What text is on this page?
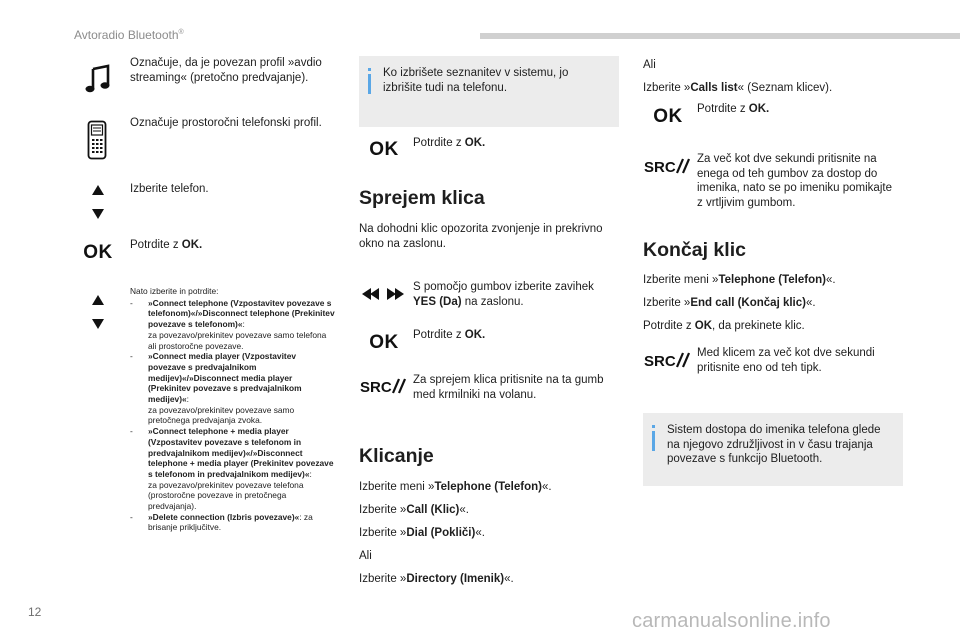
Avtoradio Bluetooth®
Označuje, da je povezan profil »avdio streaming« (pretočno predvajanje).
Označuje prostoročni telefonski profil.
Izberite telefon.
OK Potrdite z OK.
Nato izberite in potrdite:
-	»Connect telephone (Vzpostavitev povezave s telefonom)«/»Disconnect telephone (Prekinitev povezave s telefonom)«:
za povezavo/prekinitev povezave samo telefona ali prostoročne povezave.
-	»Connect media player (Vzpostavitev povezave s predvajalnikom medijev)«/»Disconnect media player (Prekinitev povezave s predvajalnikom medijev)«:
za povezavo/prekinitev povezave samo pretočnega predvajanja zvoka.
-	»Connect telephone + media player (Vzpostavitev povezave s telefonom in predvajalnikom medijev)«/»Disconnect telephone + media player (Prekinitev povezave s telefonom in predvajalnikom medijev)«:
za povezavo/prekinitev povezave telefona (prostoročne povezave in pretočnega predvajanja).
-	»Delete connection (Izbris povezave)«: za brisanje priključitve.
Ko izbrišete seznanitev v sistemu, jo izbrišite tudi na telefonu.
OK Potrdite z OK.
Sprejem klica
Na dohodni klic opozorita zvonjenje in prekrivno okno na zaslonu.
S pomočjo gumbov izberite zavihek YES (Da) na zaslonu.
OK Potrdite z OK.
SRC Za sprejem klica pritisnite na ta gumb med krmilniki na volanu.
Klicanje
Izberite meni »Telephone (Telefon)«.
Izberite »Call (Klic)«.
Izberite »Dial (Pokliči)«.
Ali
Izberite »Directory (Imenik)«.
Ali
Izberite »Calls list« (Seznam klicev).
OK Potrdite z OK.
SRC Za več kot dve sekundi pritisnite na enega od teh gumbov za dostop do imenika, nato se po imeniku pomikajte z vrtljivim gumbom.
Končaj klic
Izberite meni »Telephone (Telefon)«.
Izberite »End call (Končaj klic)«.
Potrdite z OK, da prekinete klic.
SRC Med klicem za več kot dve sekundi pritisnite eno od teh tipk.
Sistem dostopa do imenika telefona glede na njegovo združljivost in v času trajanja povezave s funkcijo Bluetooth.
12	carmanualsonline.info
